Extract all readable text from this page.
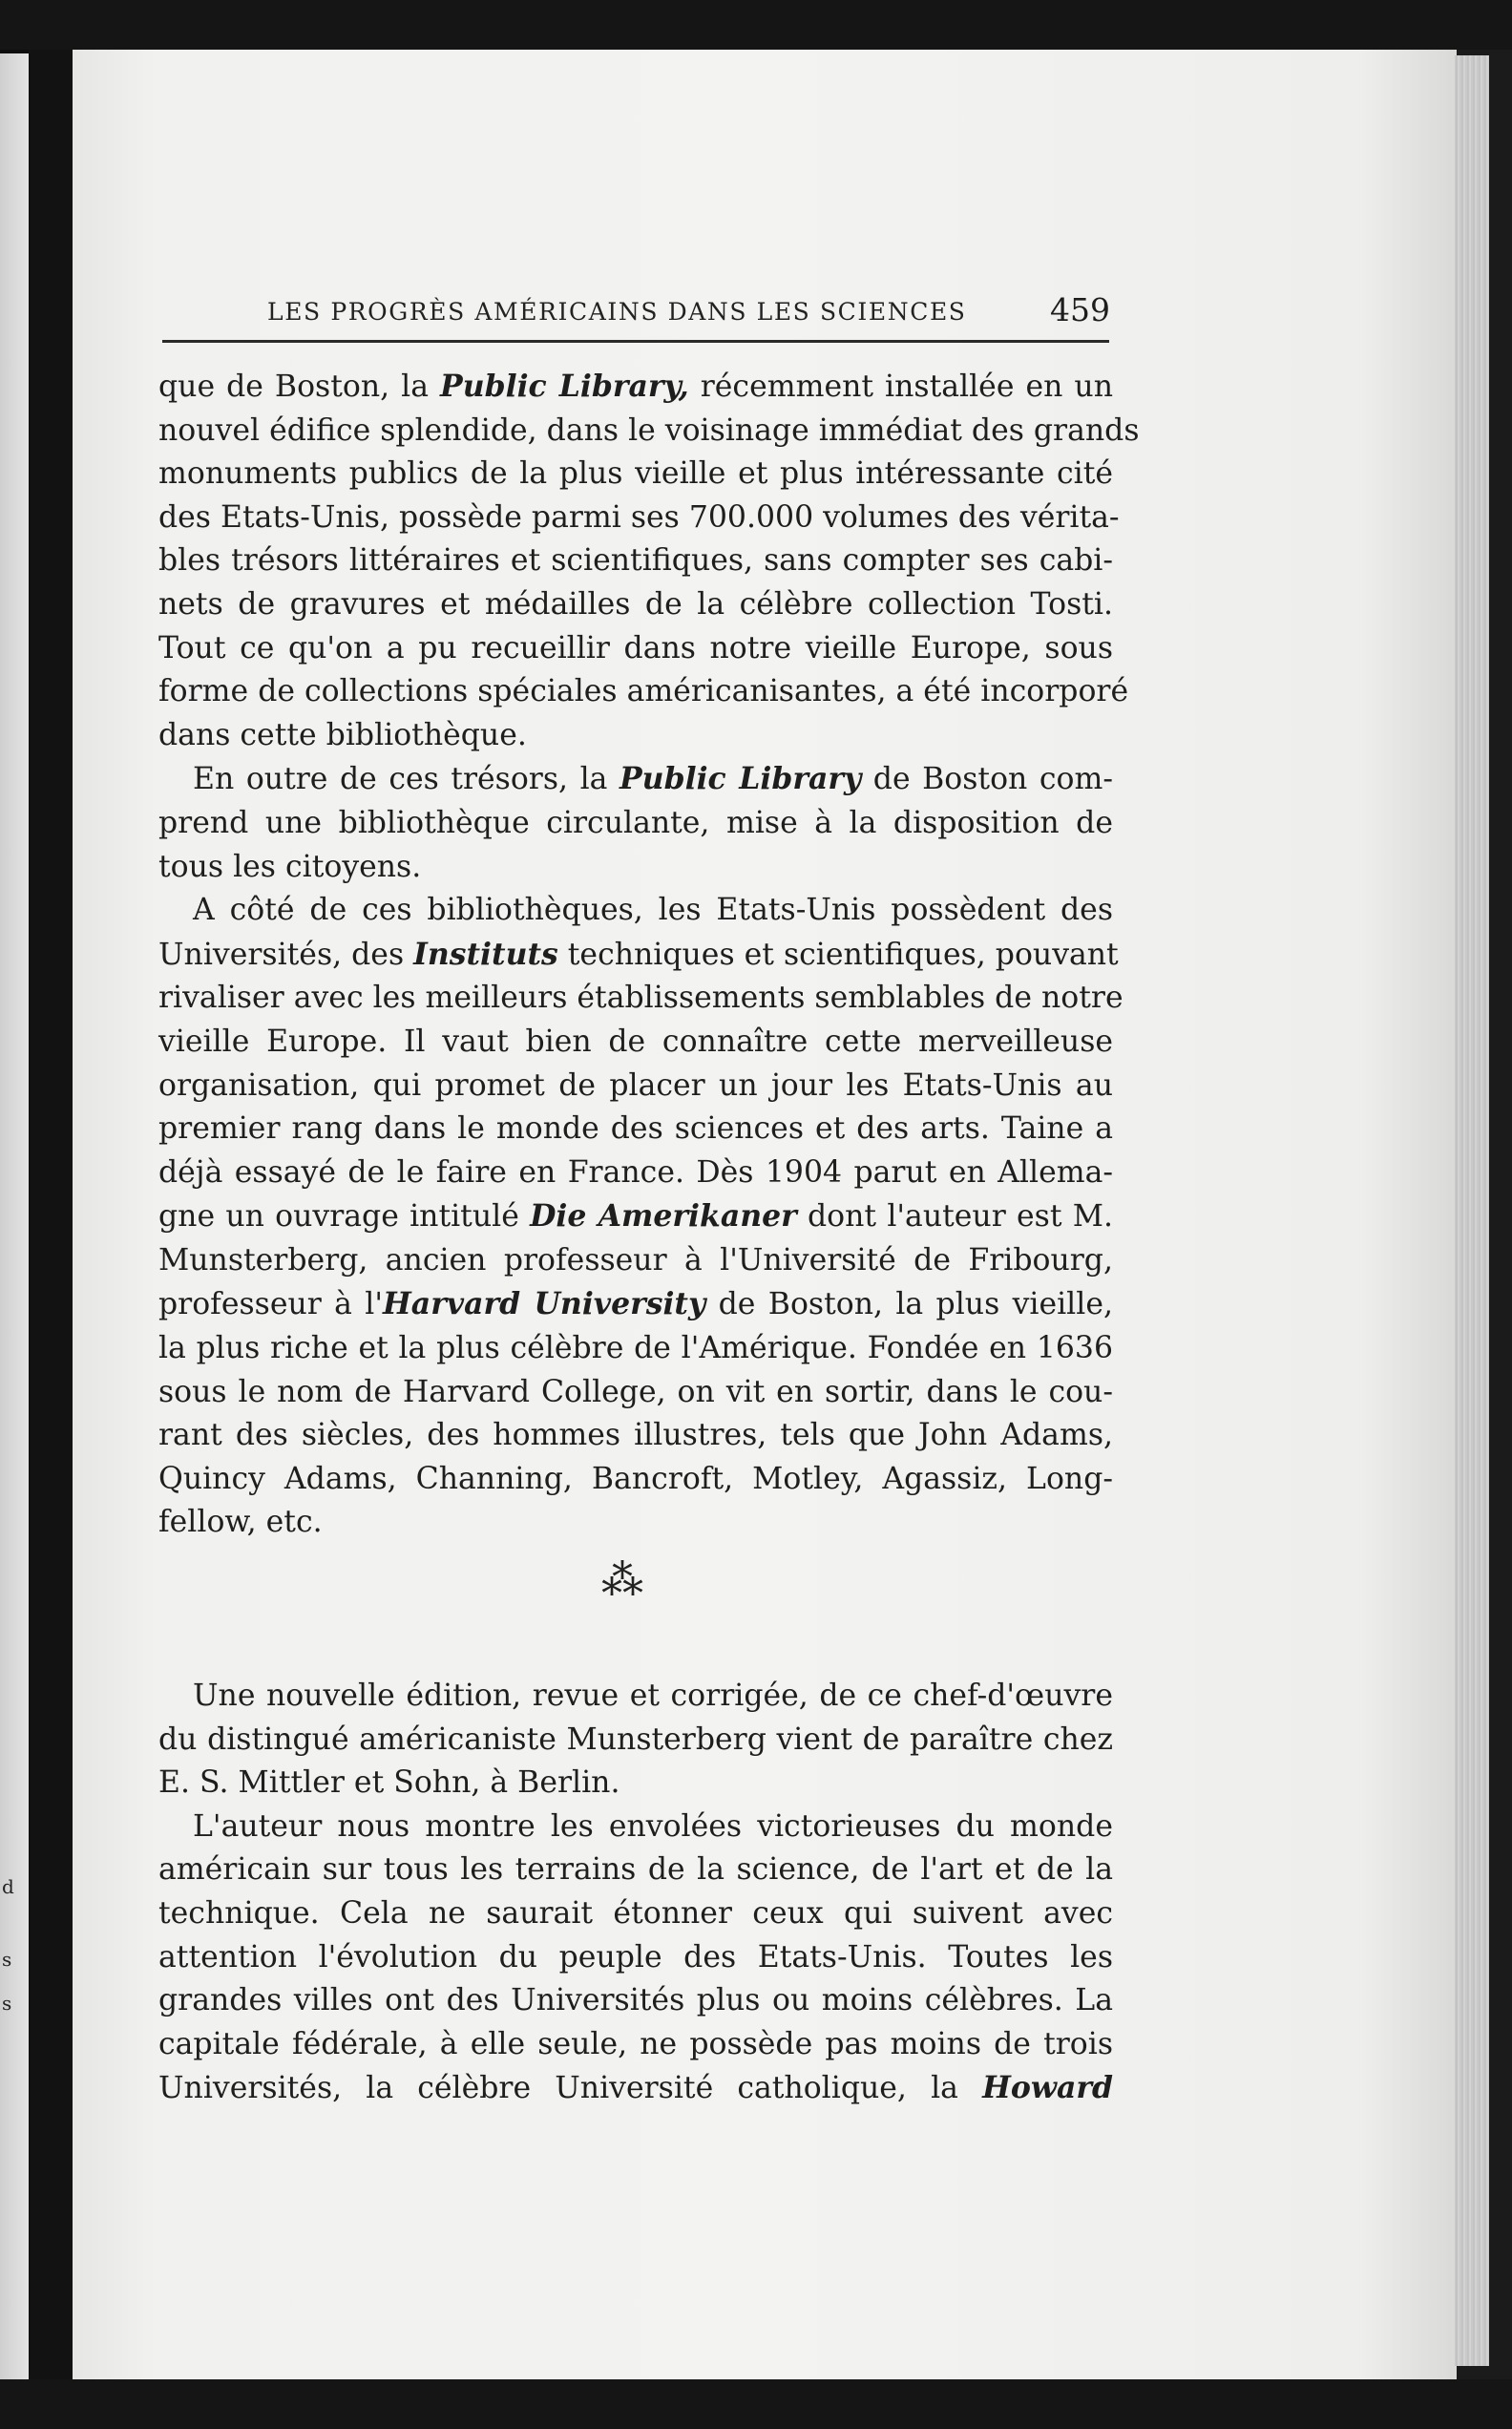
d
s
s
LES PROGRÈS AMÉRICAINS DANS LES SCIENCES	459

que de Boston, la Public Library, récemment installée en un
nouvel édifice splendide, dans le voisinage immédiat des grands
monuments publics de la plus vieille et plus intéressante cité
des Etats-Unis, possède parmi ses 700.000 volumes des vérita-
bles trésors littéraires et scientifiques, sans compter ses cabi-
nets de gravures et médailles de la célèbre collection Tosti.
Tout ce qu'on a pu recueillir dans notre vieille Europe, sous
forme de collections spéciales américanisantes, a été incorporé
dans cette bibliothèque.

En outre de ces trésors, la Public Library de Boston com-
prend une bibliothèque circulante, mise à la disposition de
tous les citoyens.

A côté de ces bibliothèques, les Etats-Unis possèdent des
Universités, des Instituts techniques et scientifiques, pouvant
rivaliser avec les meilleurs établissements semblables de notre
vieille Europe. Il vaut bien de connaître cette merveilleuse
organisation, qui promet de placer un jour les Etats-Unis au
premier rang dans le monde des sciences et des arts. Taine a
déjà essayé de le faire en France. Dès 1904 parut en Allema-
gne un ouvrage intitulé Die Amerikaner dont l'auteur est M.
Munsterberg, ancien professeur à l'Université de Fribourg,
professeur à l'Harvard University de Boston, la plus vieille,
la plus riche et la plus célèbre de l'Amérique. Fondée en 1636
sous le nom de Harvard College, on vit en sortir, dans le cou-
rant des siècles, des hommes illustres, tels que John Adams,
Quincy Adams, Channing, Bancroft, Motley, Agassiz, Long-
fellow, etc.

Une nouvelle édition, revue et corrigée, de ce chef-d'œuvre
du distingué américaniste Munsterberg vient de paraître chez
E. S. Mittler et Sohn, à Berlin.

L'auteur nous montre les envolées victorieuses du monde
américain sur tous les terrains de la science, de l'art et de la
technique. Cela ne saurait étonner ceux qui suivent avec
attention l'évolution du peuple des Etats-Unis. Toutes les
grandes villes ont des Universités plus ou moins célèbres. La
capitale fédérale, à elle seule, ne possède pas moins de trois
Universités, la célèbre Université catholique, la Howard

⁂
